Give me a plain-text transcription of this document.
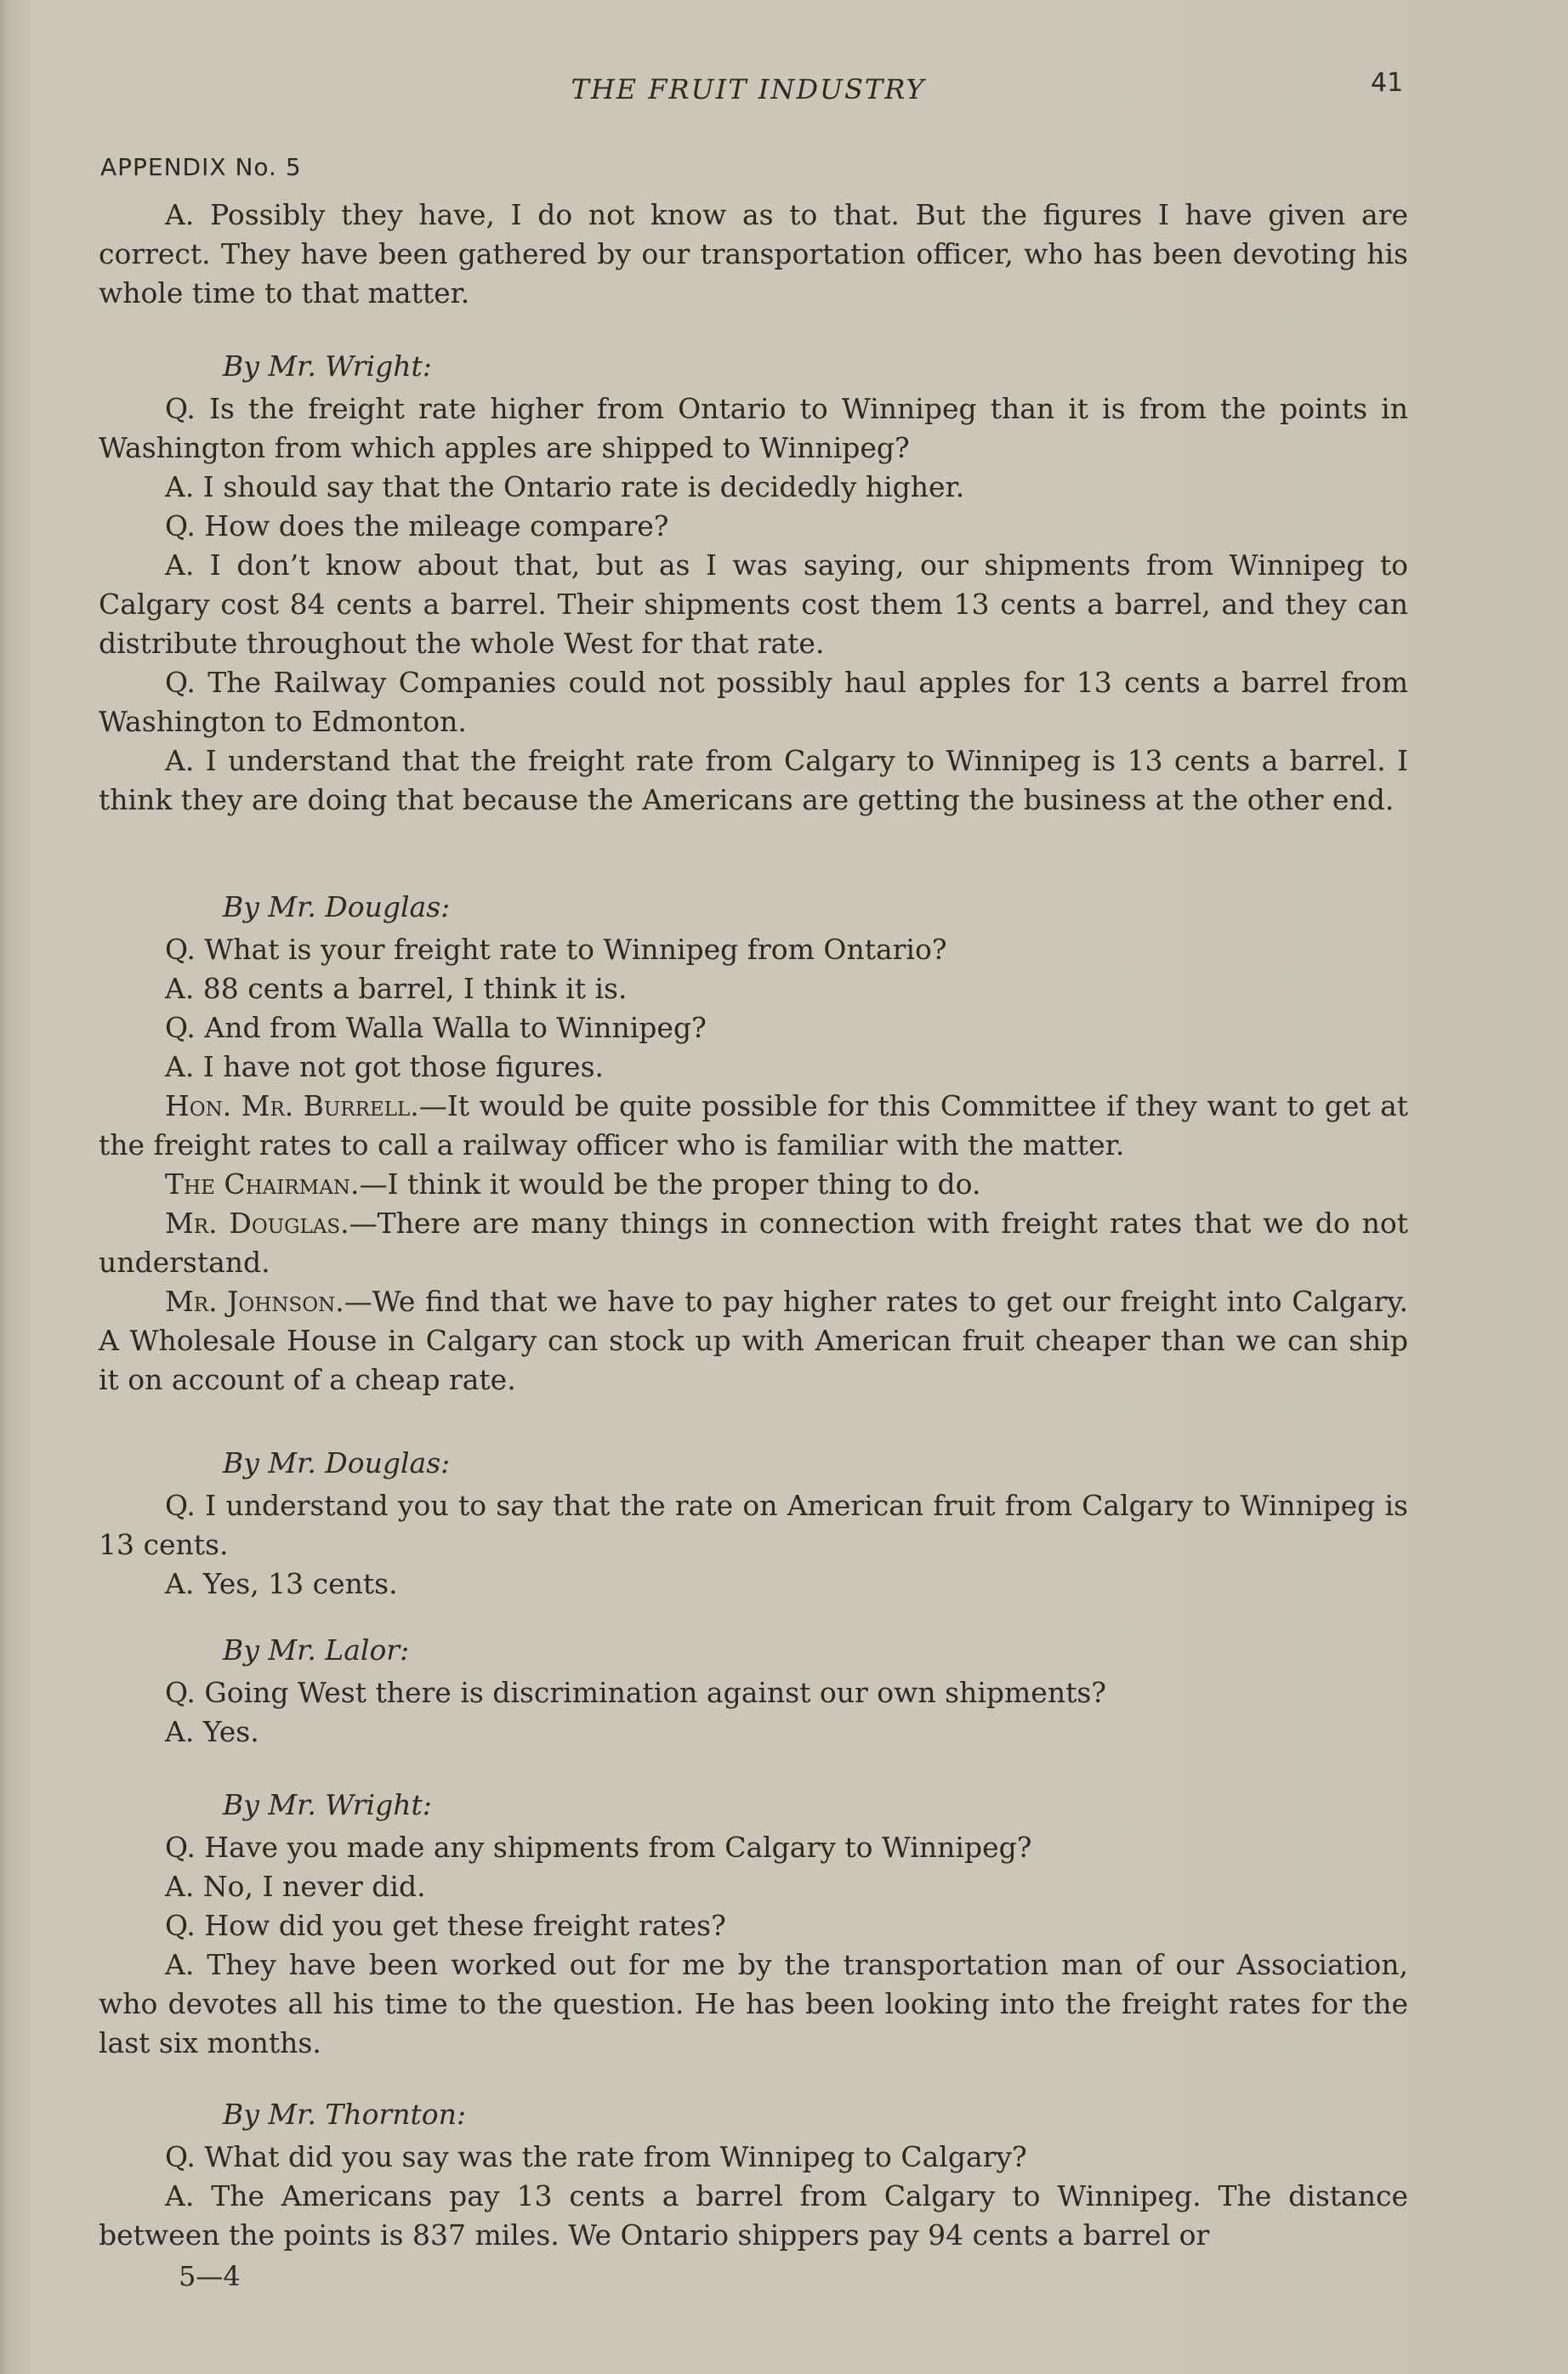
THE FRUIT INDUSTRY	41
APPENDIX No. 5

A. Possibly they have, I do not know as to that. But the figures I have given are correct. They have been gathered by our transportation officer, who has been devoting his whole time to that matter.

By Mr. Wright:

Q. Is the freight rate higher from Ontario to Winnipeg than it is from the points in Washington from which apples are shipped to Winnipeg?

A. I should say that the Ontario rate is decidedly higher.

Q. How does the mileage compare?

A. I don’t know about that, but as I was saying, our shipments from Winnipeg to Calgary cost 84 cents a barrel. Their shipments cost them 13 cents a barrel, and they can distribute throughout the whole West for that rate.

Q. The Railway Companies could not possibly haul apples for 13 cents a barrel from Washington to Edmonton.

A. I understand that the freight rate from Calgary to Winnipeg is 13 cents a barrel. I think they are doing that because the Americans are getting the business at the other end.

By Mr. Douglas:

Q. What is your freight rate to Winnipeg from Ontario?

A. 88 cents a barrel, I think it is.

Q. And from Walla Walla to Winnipeg?

A. I have not got those figures.

Hon. Mr. Burrell.—It would be quite possible for this Committee if they want to get at the freight rates to call a railway officer who is familiar with the matter.

The Chairman.—I think it would be the proper thing to do.

Mr. Douglas.—There are many things in connection with freight rates that we do not understand.

Mr. Johnson.—We find that we have to pay higher rates to get our freight into Calgary. A Wholesale House in Calgary can stock up with American fruit cheaper than we can ship it on account of a cheap rate.

By Mr. Douglas:

Q. I understand you to say that the rate on American fruit from Calgary to Winnipeg is 13 cents.

A. Yes, 13 cents.

By Mr. Lalor:

Q. Going West there is discrimination against our own shipments?

A. Yes.

By Mr. Wright:

Q. Have you made any shipments from Calgary to Winnipeg?

A. No, I never did.

Q. How did you get these freight rates?

A. They have been worked out for me by the transportation man of our Association, who devotes all his time to the question. He has been looking into the freight rates for the last six months.

By Mr. Thornton:

Q. What did you say was the rate from Winnipeg to Calgary?

A. The Americans pay 13 cents a barrel from Calgary to Winnipeg. The distance between the points is 837 miles. We Ontario shippers pay 94 cents a barrel or

5—4
